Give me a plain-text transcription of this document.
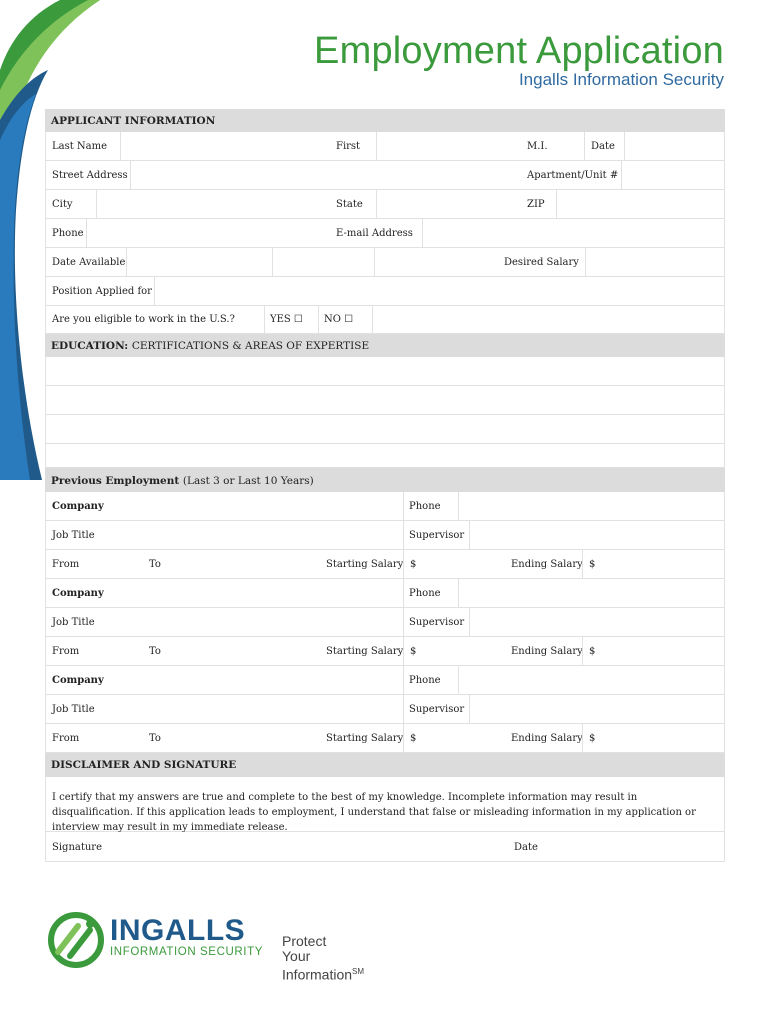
Employment Application
Ingalls Information Security
APPLICANT INFORMATION
Last Name	First	M.I.	Date
Street Address	Apartment/Unit #
City	State	ZIP
Phone	E-mail Address
Date Available	Desired Salary
Position Applied for
Are you eligible to work in the U.S.?	YES ☐ NO ☐
EDUCATION: CERTIFICATIONS & AREAS OF EXPERTISE
Previous Employment (Last 3 or Last 10 Years)
Company	Phone
Job Title	Supervisor
From	To	Starting Salary $	Ending Salary $
Company	Phone
Job Title	Supervisor
From	To	Starting Salary $	Ending Salary $
Company	Phone
Job Title	Supervisor
From	To	Starting Salary $	Ending Salary $
DISCLAIMER AND SIGNATURE
I certify that my answers are true and complete to the best of my knowledge. Incomplete information may result in disqualification. If this application leads to employment, I understand that false or misleading information in my application or interview may result in my immediate release.
Signature	Date
INGALLS
INFORMATION SECURITY
Protect
Your
Information℠
